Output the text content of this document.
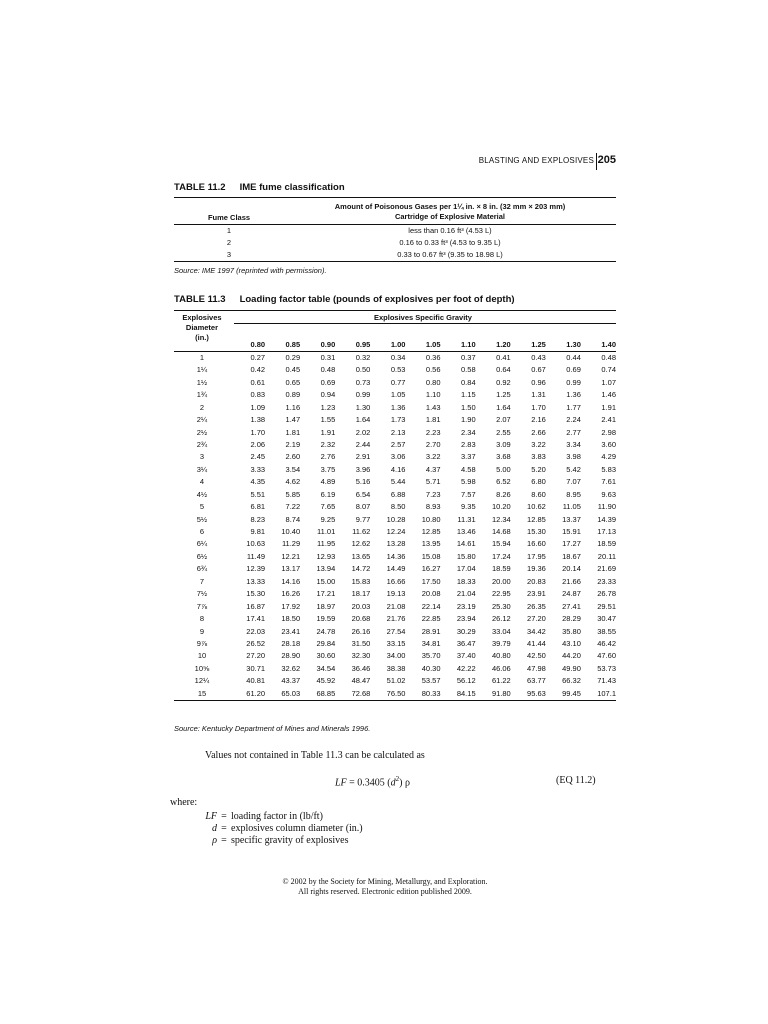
BLASTING AND EXPLOSIVES 205
TABLE 11.2 IME fume classification
Fume Class
Amount of Poisonous Gases per 1¼ in. × 8 in. (32 mm × 203 mm)
Cartridge of Explosive Material
1	less than 0.16 ft³ (4.53 L)
2	0.16 to 0.33 ft³ (4.53 to 9.35 L)
3	0.33 to 0.67 ft³ (9.35 to 18.98 L)
Source: IME 1997 (reprinted with permission).
TABLE 11.3 Loading factor table (pounds of explosives per foot of depth)
Explosives
Diameter
(in.)
Explosives Specific Gravity
0.80	0.85	0.90	0.95	1.00	1.05	1.10	1.20	1.25	1.30	1.40
1	0.27	0.29	0.31	0.32	0.34	0.36	0.37	0.41	0.43	0.44	0.48
1¼	0.42	0.45	0.48	0.50	0.53	0.56	0.58	0.64	0.67	0.69	0.74
1½	0.61	0.65	0.69	0.73	0.77	0.80	0.84	0.92	0.96	0.99	1.07
1¾	0.83	0.89	0.94	0.99	1.05	1.10	1.15	1.25	1.31	1.36	1.46
2	1.09	1.16	1.23	1.30	1.36	1.43	1.50	1.64	1.70	1.77	1.91
2¼	1.38	1.47	1.55	1.64	1.73	1.81	1.90	2.07	2.16	2.24	2.41
2½	1.70	1.81	1.91	2.02	2.13	2.23	2.34	2.55	2.66	2.77	2.98
2¾	2.06	2.19	2.32	2.44	2.57	2.70	2.83	3.09	3.22	3.34	3.60
3	2.45	2.60	2.76	2.91	3.06	3.22	3.37	3.68	3.83	3.98	4.29
3¼	3.33	3.54	3.75	3.96	4.16	4.37	4.58	5.00	5.20	5.42	5.83
4	4.35	4.62	4.89	5.16	5.44	5.71	5.98	6.52	6.80	7.07	7.61
4½	5.51	5.85	6.19	6.54	6.88	7.23	7.57	8.26	8.60	8.95	9.63
5	6.81	7.22	7.65	8.07	8.50	8.93	9.35	10.20	10.62	11.05	11.90
5½	8.23	8.74	9.25	9.77	10.28	10.80	11.31	12.34	12.85	13.37	14.39
6	9.81	10.40	11.01	11.62	12.24	12.85	13.46	14.68	15.30	15.91	17.13
6¼	10.63	11.29	11.95	12.62	13.28	13.95	14.61	15.94	16.60	17.27	18.59
6½	11.49	12.21	12.93	13.65	14.36	15.08	15.80	17.24	17.95	18.67	20.11
6¾	12.39	13.17	13.94	14.72	14.49	16.27	17.04	18.59	19.36	20.14	21.69
7	13.33	14.16	15.00	15.83	16.66	17.50	18.33	20.00	20.83	21.66	23.33
7½	15.30	16.26	17.21	18.17	19.13	20.08	21.04	22.95	23.91	24.87	26.78
7⅞	16.87	17.92	18.97	20.03	21.08	22.14	23.19	25.30	26.35	27.41	29.51
8	17.41	18.50	19.59	20.68	21.76	22.85	23.94	26.12	27.20	28.29	30.47
9	22.03	23.41	24.78	26.16	27.54	28.91	30.29	33.04	34.42	35.80	38.55
9⅞	26.52	28.18	29.84	31.50	33.15	34.81	36.47	39.79	41.44	43.10	46.42
10	27.20	28.90	30.60	32.30	34.00	35.70	37.40	40.80	42.50	44.20	47.60
10⅝	30.71	32.62	34.54	36.46	38.38	40.30	42.22	46.06	47.98	49.90	53.73
12¼	40.81	43.37	45.92	48.47	51.02	53.57	56.12	61.22	63.77	66.32	71.43
15	61.20	65.03	68.85	72.68	76.50	80.33	84.15	91.80	95.63	99.45	107.1
Source: Kentucky Department of Mines and Minerals 1996.
Values not contained in Table 11.3 can be calculated as
LF = 0.3405 $(d^2)$ ρ	(EQ 11.2)
where:
LF = loading factor in (lb/ft)
d = explosives column diameter (in.)
ρ = specific gravity of explosives
© 2002 by the Society for Mining, Metallurgy, and Exploration.
All rights reserved. Electronic edition published 2009.
